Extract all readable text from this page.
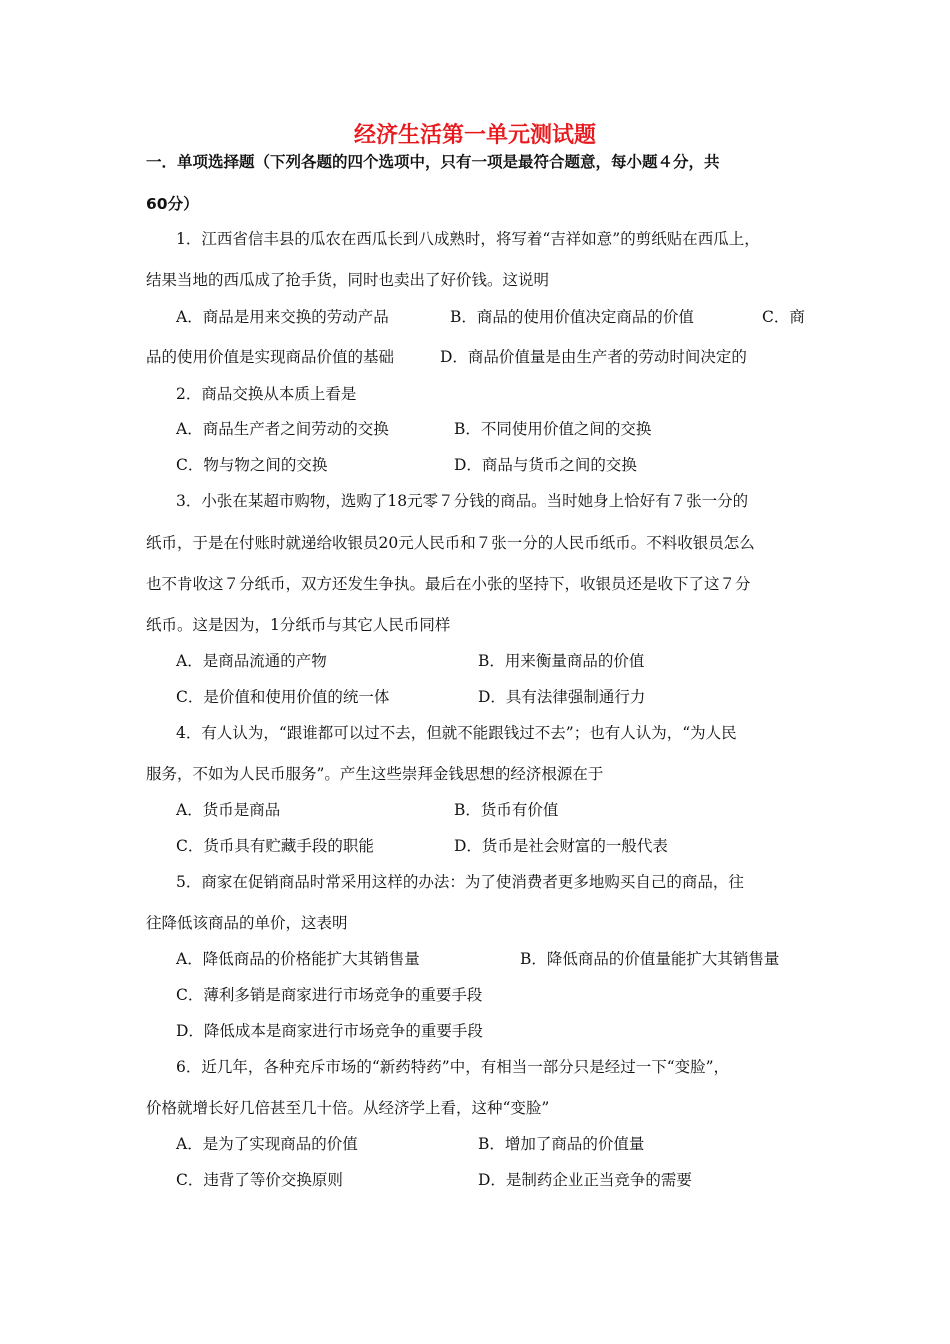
经济生活第一单元测试题
一．单项选择题（下列各题的四个选项中，只有一项是最符合题意，每小题４分，共
60分）
1．江西省信丰县的瓜农在西瓜长到八成熟时，将写着“吉祥如意”的剪纸贴在西瓜上，
结果当地的西瓜成了抢手货，同时也卖出了好价钱。这说明
A．商品是用来交换的劳动产品	B．商品的使用价值决定商品的价值	C．商
品的使用价值是实现商品价值的基础	D．商品价值量是由生产者的劳动时间决定的
2．商品交换从本质上看是
A．商品生产者之间劳动的交换	B．不同使用价值之间的交换
C．物与物之间的交换	D．商品与货币之间的交换
3．小张在某超市购物，选购了18元零７分钱的商品。当时她身上恰好有７张一分的
纸币，于是在付账时就递给收银员20元人民币和７张一分的人民币纸币。不料收银员怎么
也不肯收这７分纸币，双方还发生争执。最后在小张的坚持下，收银员还是收下了这７分
纸币。这是因为，1分纸币与其它人民币同样
A．是商品流通的产物	B．用来衡量商品的价值
C．是价值和使用价值的统一体	D．具有法律强制通行力
4．有人认为，“跟谁都可以过不去，但就不能跟钱过不去”；也有人认为，“为人民
服务，不如为人民币服务”。产生这些崇拜金钱思想的经济根源在于
A．货币是商品	B．货币有价值
C．货币具有贮藏手段的职能	D．货币是社会财富的一般代表
5．商家在促销商品时常采用这样的办法：为了使消费者更多地购买自己的商品，往
往降低该商品的单价，这表明
A．降低商品的价格能扩大其销售量	B．降低商品的价值量能扩大其销售量
C．薄利多销是商家进行市场竞争的重要手段
D．降低成本是商家进行市场竞争的重要手段
6．近几年，各种充斥市场的“新药特药”中，有相当一部分只是经过一下“变脸”，
价格就增长好几倍甚至几十倍。从经济学上看，这种“变脸”
A．是为了实现商品的价值	B．增加了商品的价值量
C．违背了等价交换原则	D．是制药企业正当竞争的需要
